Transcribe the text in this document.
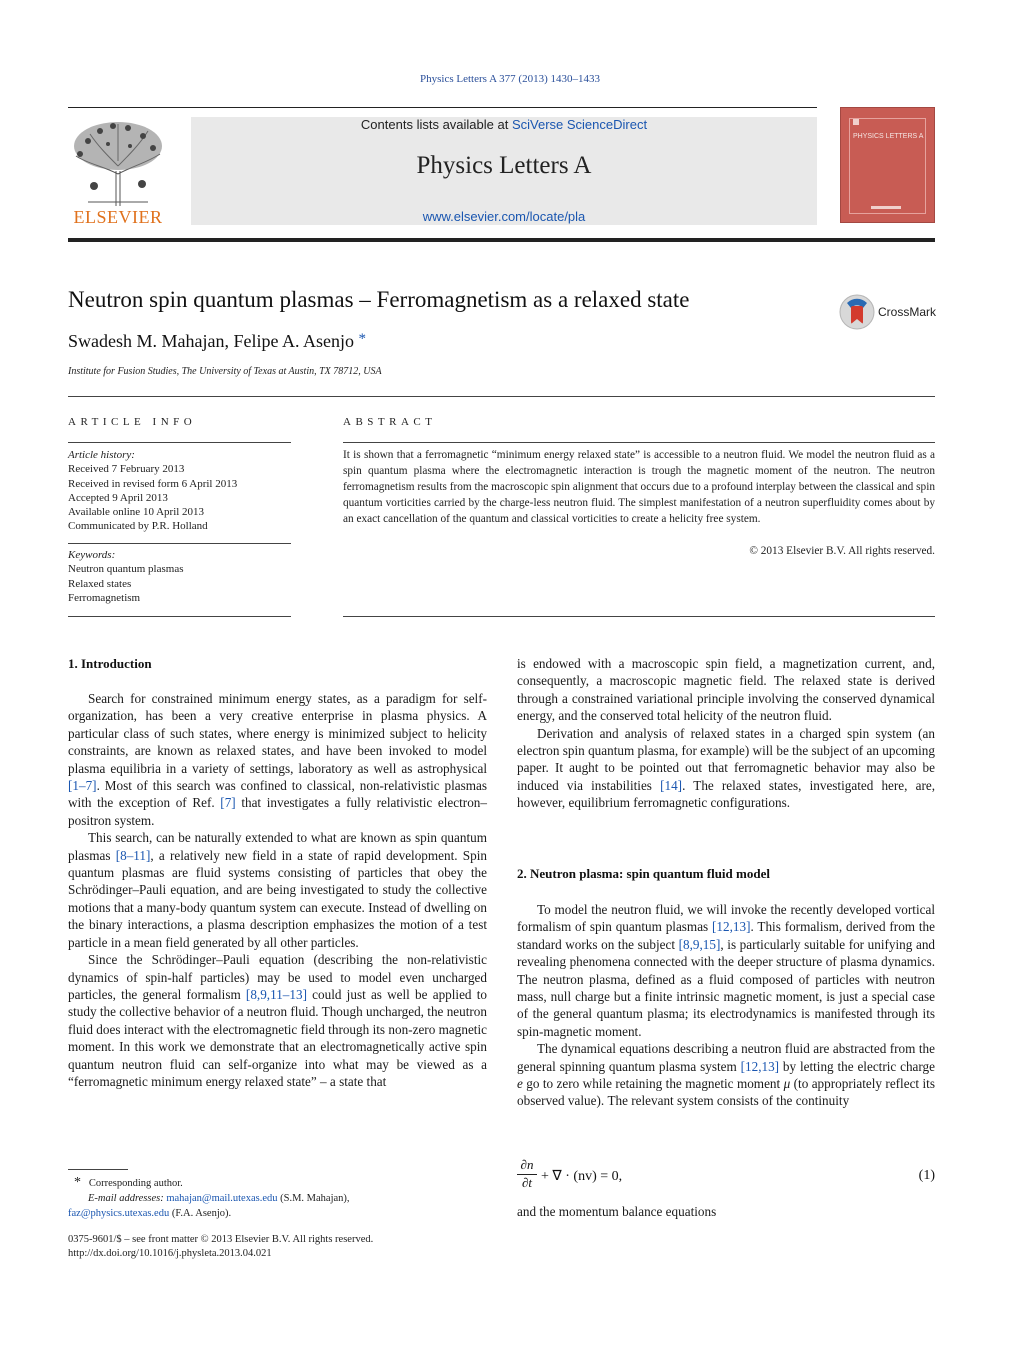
Physics Letters A 377 (2013) 1430–1433
ELSEVIER
Contents lists available at SciVerse ScienceDirect
Physics Letters A
www.elsevier.com/locate/pla
PHYSICS LETTERS A
Neutron spin quantum plasmas – Ferromagnetism as a relaxed state	CrossMark
Swadesh M. Mahajan, Felipe A. Asenjo *
Institute for Fusion Studies, The University of Texas at Austin, TX 78712, USA
ARTICLE INFO
Article history:
Received 7 February 2013
Received in revised form 6 April 2013
Accepted 9 April 2013
Available online 10 April 2013
Communicated by P.R. Holland
Keywords:
Neutron quantum plasmas
Relaxed states
Ferromagnetism
ABSTRACT
It is shown that a ferromagnetic “minimum energy relaxed state” is accessible to a neutron fluid. We model the neutron fluid as a spin quantum plasma where the electromagnetic interaction is trough the magnetic moment of the neutron. The neutron ferromagnetism results from the macroscopic spin alignment that occurs due to a profound interplay between the classical and spin quantum vorticities carried by the charge-less neutron fluid. The simplest manifestation of a neutron superfluidity comes about by an exact cancellation of the quantum and classical vorticities to create a helicity free system.
© 2013 Elsevier B.V. All rights reserved.
1. Introduction

Search for constrained minimum energy states, as a paradigm for self-organization, has been a very creative enterprise in plasma physics. A particular class of such states, where energy is minimized subject to helicity constraints, are known as relaxed states, and have been invoked to model plasma equilibria in a variety of settings, laboratory as well as astrophysical [1–7]. Most of this search was confined to classical, non-relativistic plasmas with the exception of Ref. [7] that investigates a fully relativistic electron–positron system.

This search, can be naturally extended to what are known as spin quantum plasmas [8–11], a relatively new field in a state of rapid development. Spin quantum plasmas are fluid systems consisting of particles that obey the Schrödinger–Pauli equation, and are being investigated to study the collective motions that a many-body quantum system can execute. Instead of dwelling on the binary interactions, a plasma description emphasizes the motion of a test particle in a mean field generated by all other particles.

Since the Schrödinger–Pauli equation (describing the non-relativistic dynamics of spin-half particles) may be used to model even uncharged particles, the general formalism [8,9,11–13] could just as well be applied to study the collective behavior of a neutron fluid. Though uncharged, the neutron fluid does interact with the electromagnetic field through its non-zero magnetic moment. In this work we demonstrate that an electromagnetically active spin quantum neutron fluid can self-organize into what may be viewed as a “ferromagnetic minimum energy relaxed state” – a state that

* Corresponding author.
E-mail addresses: mahajan@mail.utexas.edu (S.M. Mahajan),
faz@physics.utexas.edu (F.A. Asenjo).
0375-9601/$ – see front matter © 2013 Elsevier B.V. All rights reserved.
http://dx.doi.org/10.1016/j.physleta.2013.04.021

is endowed with a macroscopic spin field, a magnetization current, and, consequently, a macroscopic magnetic field. The relaxed state is derived through a constrained variational principle involving the conserved dynamical energy, and the conserved total helicity of the neutron fluid.

Derivation and analysis of relaxed states in a charged spin system (an electron spin quantum plasma, for example) will be the subject of an upcoming paper. It aught to be pointed out that ferromagnetic behavior may also be induced via instabilities [14]. The relaxed states, investigated here, are, however, equilibrium ferromagnetic configurations.

2. Neutron plasma: spin quantum fluid model

To model the neutron fluid, we will invoke the recently developed vortical formalism of spin quantum plasmas [12,13]. This formalism, derived from the standard works on the subject [8,9,15], is particularly suitable for unifying and revealing phenomena connected with the deeper structure of plasma dynamics. The neutron plasma, defined as a fluid composed of particles with neutron mass, null charge but a finite intrinsic magnetic moment, is just a special case of the general quantum plasma; its electrodynamics is manifested through its spin-magnetic moment.

The dynamical equations describing a neutron fluid are abstracted from the general spinning quantum plasma system [12,13] by letting the electric charge e go to zero while retaining the magnetic moment μ (to appropriately reflect its observed value). The relevant system consists of the continuity

$\frac{\partial n}{\partial t}$ + ∇ · (nv) = 0,	(1)
and the momentum balance equations
